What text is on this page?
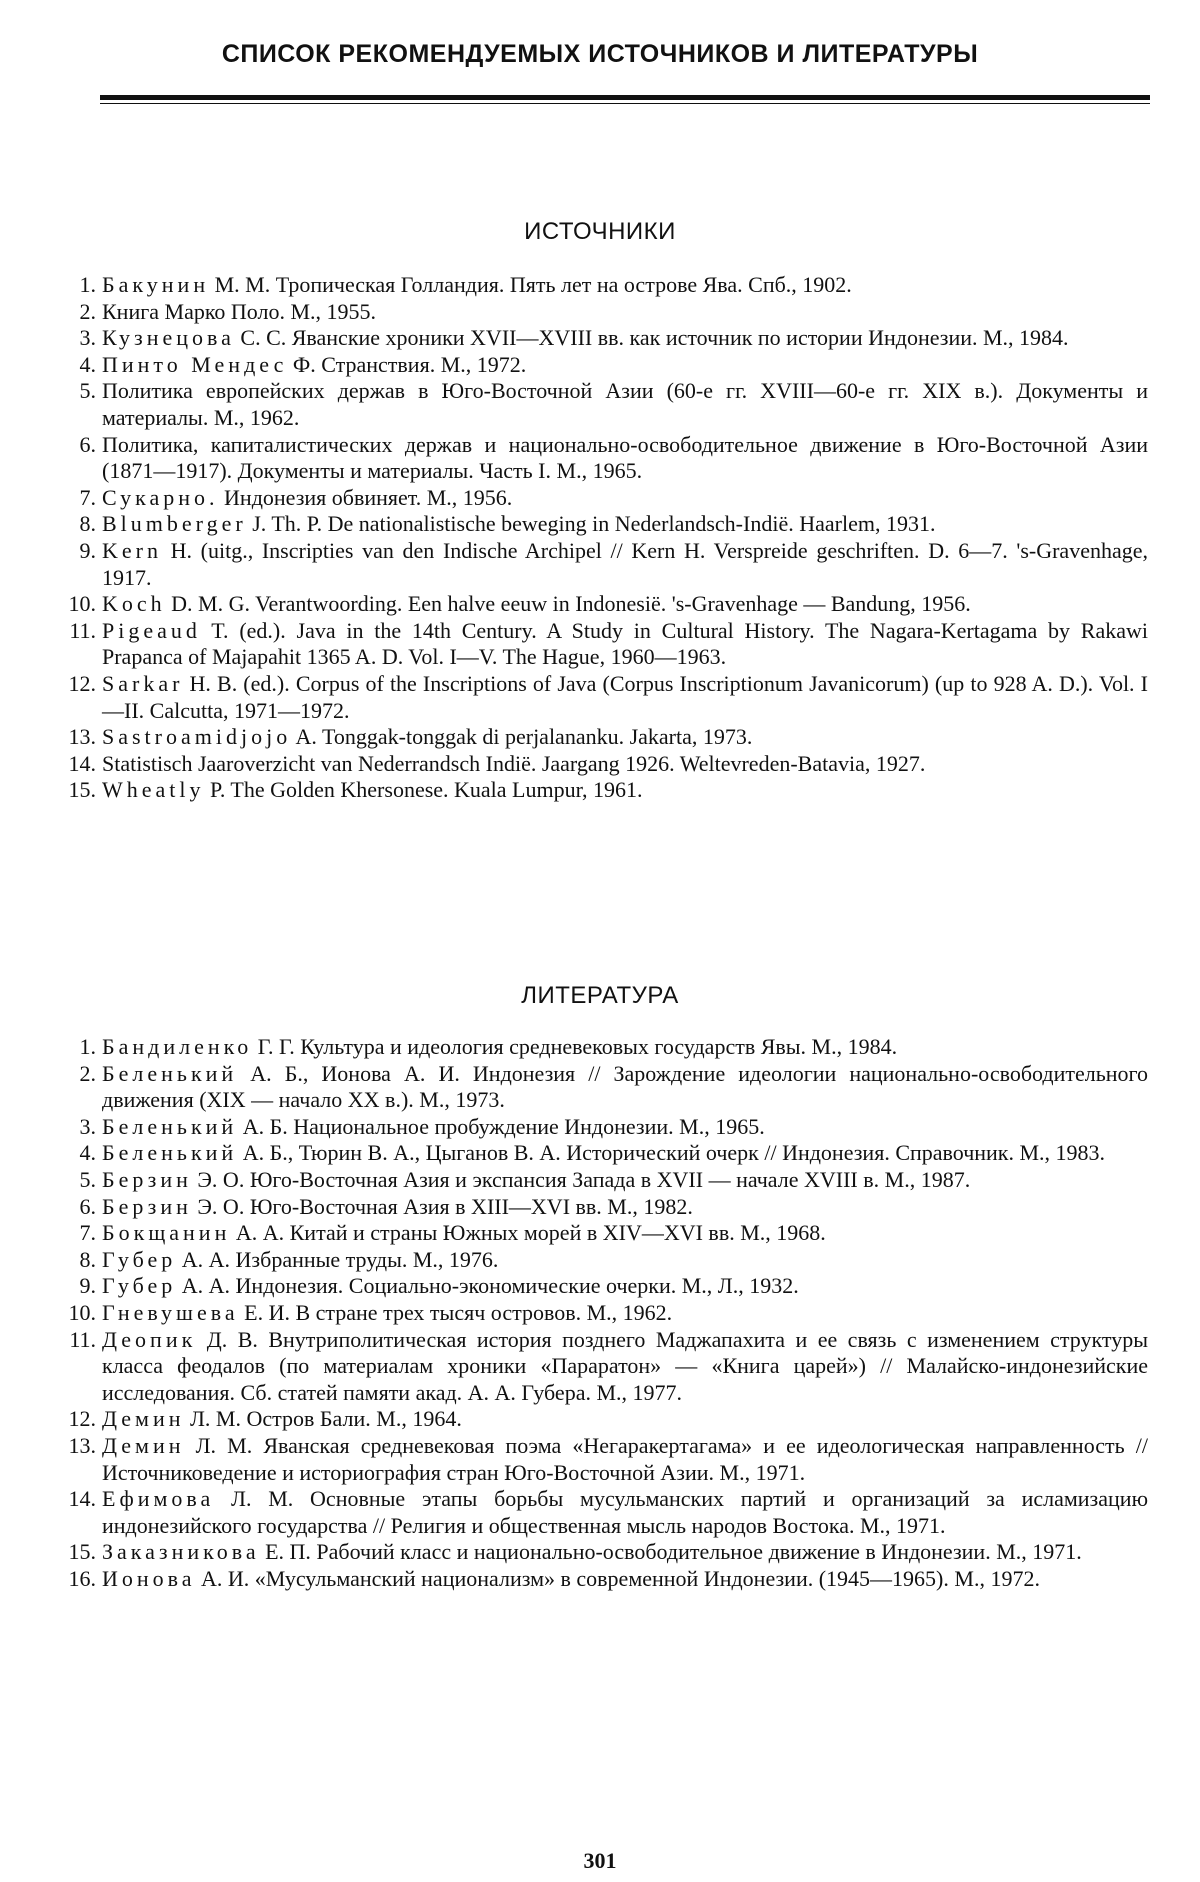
СПИСОК РЕКОМЕНДУЕМЫХ ИСТОЧНИКОВ И ЛИТЕРАТУРЫ
ИСТОЧНИКИ
1. Бакунин М. М. Тропическая Голландия. Пять лет на острове Ява. Спб., 1902.
2. Книга Марко Поло. М., 1955.
3. Кузнецова С. С. Яванские хроники XVII—XVIII вв. как источник по истории Индонезии. М., 1984.
4. Пинто Мендес Ф. Странствия. М., 1972.
5. Политика европейских держав в Юго-Восточной Азии (60-е гг. XVIII—60-е гг. XIX в.). Документы и материалы. М., 1962.
6. Политика, капиталистических держав и национально-освободительное движение в Юго-Восточной Азии (1871—1917). Документы и материалы. Часть I. М., 1965.
7. Сукарно. Индонезия обвиняет. М., 1956.
8. Blumberger J. Th. P. De nationalistische beweging in Nederlandsch-Indië. Haarlem, 1931.
9. Kern H. (uitg., Inscripties van den Indische Archipel // Kern H. Verspreide geschriften. D. 6—7. 's-Gravenhage, 1917.
10. Koch D. M. G. Verantwoording. Een halve eeuw in Indonesië. 's-Gravenhage — Bandung, 1956.
11. Pigeaud T. (ed.). Java in the 14th Century. A Study in Cultural History. The Nagara-Kertagama by Rakawi Prapanca of Majapahit 1365 A. D. Vol. I—V. The Hague, 1960—1963.
12. Sarkar H. B. (ed.). Corpus of the Inscriptions of Java (Corpus Inscriptionum Javanicorum) (up to 928 A. D.). Vol. I—II. Calcutta, 1971—1972.
13. Sastroamidjojo A. Tonggak-tonggak di perjalananku. Jakarta, 1973.
14. Statistisch Jaaroverzicht van Nederrandsch Indië. Jaargang 1926. Weltevreden-Batavia, 1927.
15. Wheatly P. The Golden Khersonese. Kuala Lumpur, 1961.
ЛИТЕРАТУРА
1. Бандиленко Г. Г. Культура и идеология средневековых государств Явы. М., 1984.
2. Беленький А. Б., Ионова А. И. Индонезия // Зарождение идеологии национально-освободительного движения (XIX — начало XX в.). М., 1973.
3. Беленький А. Б. Национальное пробуждение Индонезии. М., 1965.
4. Беленький А. Б., Тюрин В. А., Цыганов В. А. Исторический очерк // Индонезия. Справочник. М., 1983.
5. Берзин Э. О. Юго-Восточная Азия и экспансия Запада в XVII — начале XVIII в. М., 1987.
6. Берзин Э. О. Юго-Восточная Азия в XIII—XVI вв. М., 1982.
7. Бокщанин А. А. Китай и страны Южных морей в XIV—XVI вв. М., 1968.
8. Губер А. А. Избранные труды. М., 1976.
9. Губер А. А. Индонезия. Социально-экономические очерки. М., Л., 1932.
10. Гневушева Е. И. В стране трех тысяч островов. М., 1962.
11. Деопик Д. В. Внутриполитическая история позднего Маджапахита и ее связь с изменением структуры класса феодалов (по материалам хроники «Параратон» — «Книга царей») // Малайско-индонезийские исследования. Сб. статей памяти акад. А. А. Губера. М., 1977.
12. Демин Л. М. Остров Бали. М., 1964.
13. Демин Л. М. Яванская средневековая поэма «Негаракертагама» и ее идеологическая направленность // Источниковедение и историография стран Юго-Восточной Азии. М., 1971.
14. Ефимова Л. М. Основные этапы борьбы мусульманских партий и организаций за исламизацию индонезийского государства // Религия и общественная мысль народов Востока. М., 1971.
15. Заказникова Е. П. Рабочий класс и национально-освободительное движение в Индонезии. М., 1971.
16. Ионова А. И. «Мусульманский национализм» в современной Индонезии. (1945—1965). М., 1972.
301
